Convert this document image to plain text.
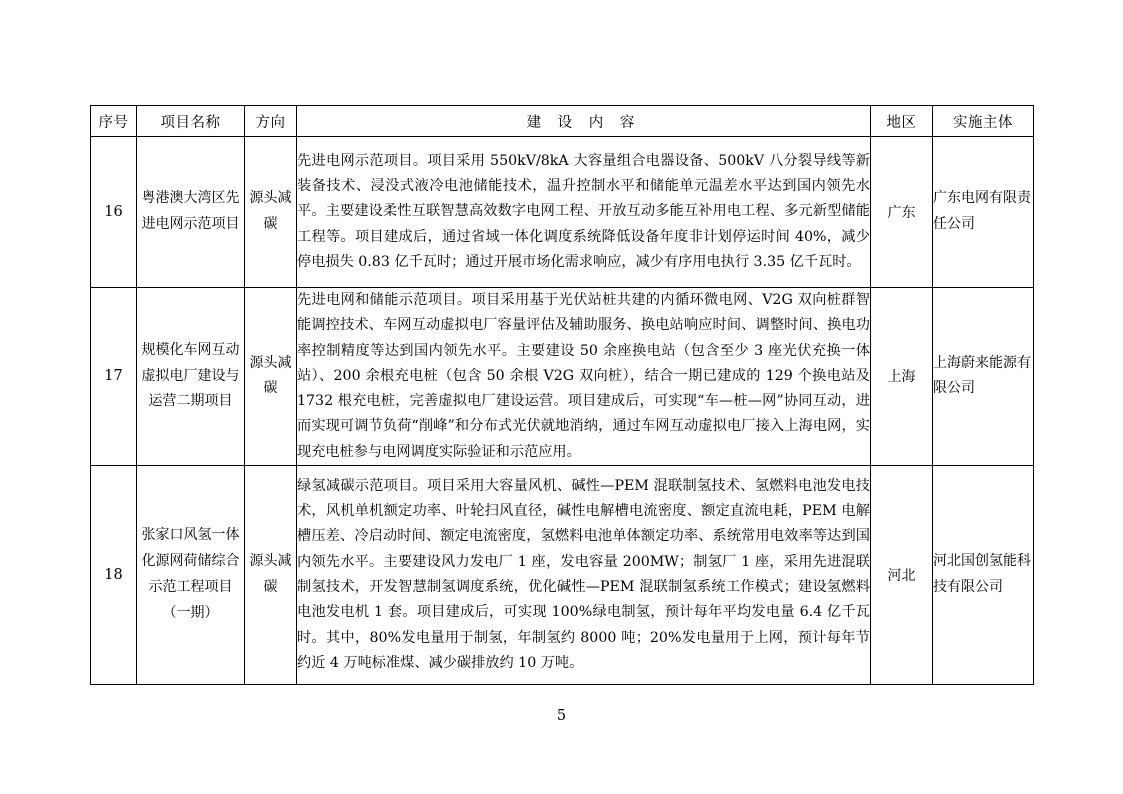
序号	项目名称	方向	建 设 内 容	地区	实施主体
16	粤港澳大湾区先进电网示范项目	源头减碳	先进电网示范项目。项目采用 550kV/8kA 大容量组合电器设备、500kV 八分裂导线等新装备技术、浸没式液冷电池储能技术，温升控制水平和储能单元温差水平达到国内领先水平。主要建设柔性互联智慧高效数字电网工程、开放互动多能互补用电工程、多元新型储能工程等。项目建成后，通过省域一体化调度系统降低设备年度非计划停运时间 40%，减少停电损失 0.83 亿千瓦时；通过开展市场化需求响应，减少有序用电执行 3.35 亿千瓦时。	广东	广东电网有限责任公司
17	规模化车网互动虚拟电厂建设与运营二期项目	源头减碳	先进电网和储能示范项目。项目采用基于光伏站桩共建的内循环微电网、V2G 双向桩群智能调控技术、车网互动虚拟电厂容量评估及辅助服务、换电站响应时间、调整时间、换电功率控制精度等达到国内领先水平。主要建设 50 余座换电站（包含至少 3 座光伏充换一体站）、200 余根充电桩（包含 50 余根 V2G 双向桩），结合一期已建成的 129 个换电站及 1732 根充电桩，完善虚拟电厂建设运营。项目建成后，可实现“车—桩—网”协同互动，进而实现可调节负荷“削峰”和分布式光伏就地消纳，通过车网互动虚拟电厂接入上海电网，实现充电桩参与电网调度实际验证和示范应用。	上海	上海蔚来能源有限公司
18	张家口风氢一体化源网荷储综合示范工程项目（一期）	源头减碳	绿氢减碳示范项目。项目采用大容量风机、碱性—PEM 混联制氢技术、氢燃料电池发电技术，风机单机额定功率、叶轮扫风直径，碱性电解槽电流密度、额定直流电耗，PEM 电解槽压差、冷启动时间、额定电流密度，氢燃料电池单体额定功率、系统常用电效率等达到国内领先水平。主要建设风力发电厂 1 座，发电容量 200MW；制氢厂 1 座，采用先进混联制氢技术，开发智慧制氢调度系统，优化碱性—PEM 混联制氢系统工作模式；建设氢燃料电池发电机 1 套。项目建成后，可实现 100%绿电制氢，预计每年平均发电量 6.4 亿千瓦时。其中，80%发电量用于制氢，年制氢约 8000 吨；20%发电量用于上网，预计每年节约近 4 万吨标准煤、减少碳排放约 10 万吨。	河北	河北国创氢能科技有限公司
5
